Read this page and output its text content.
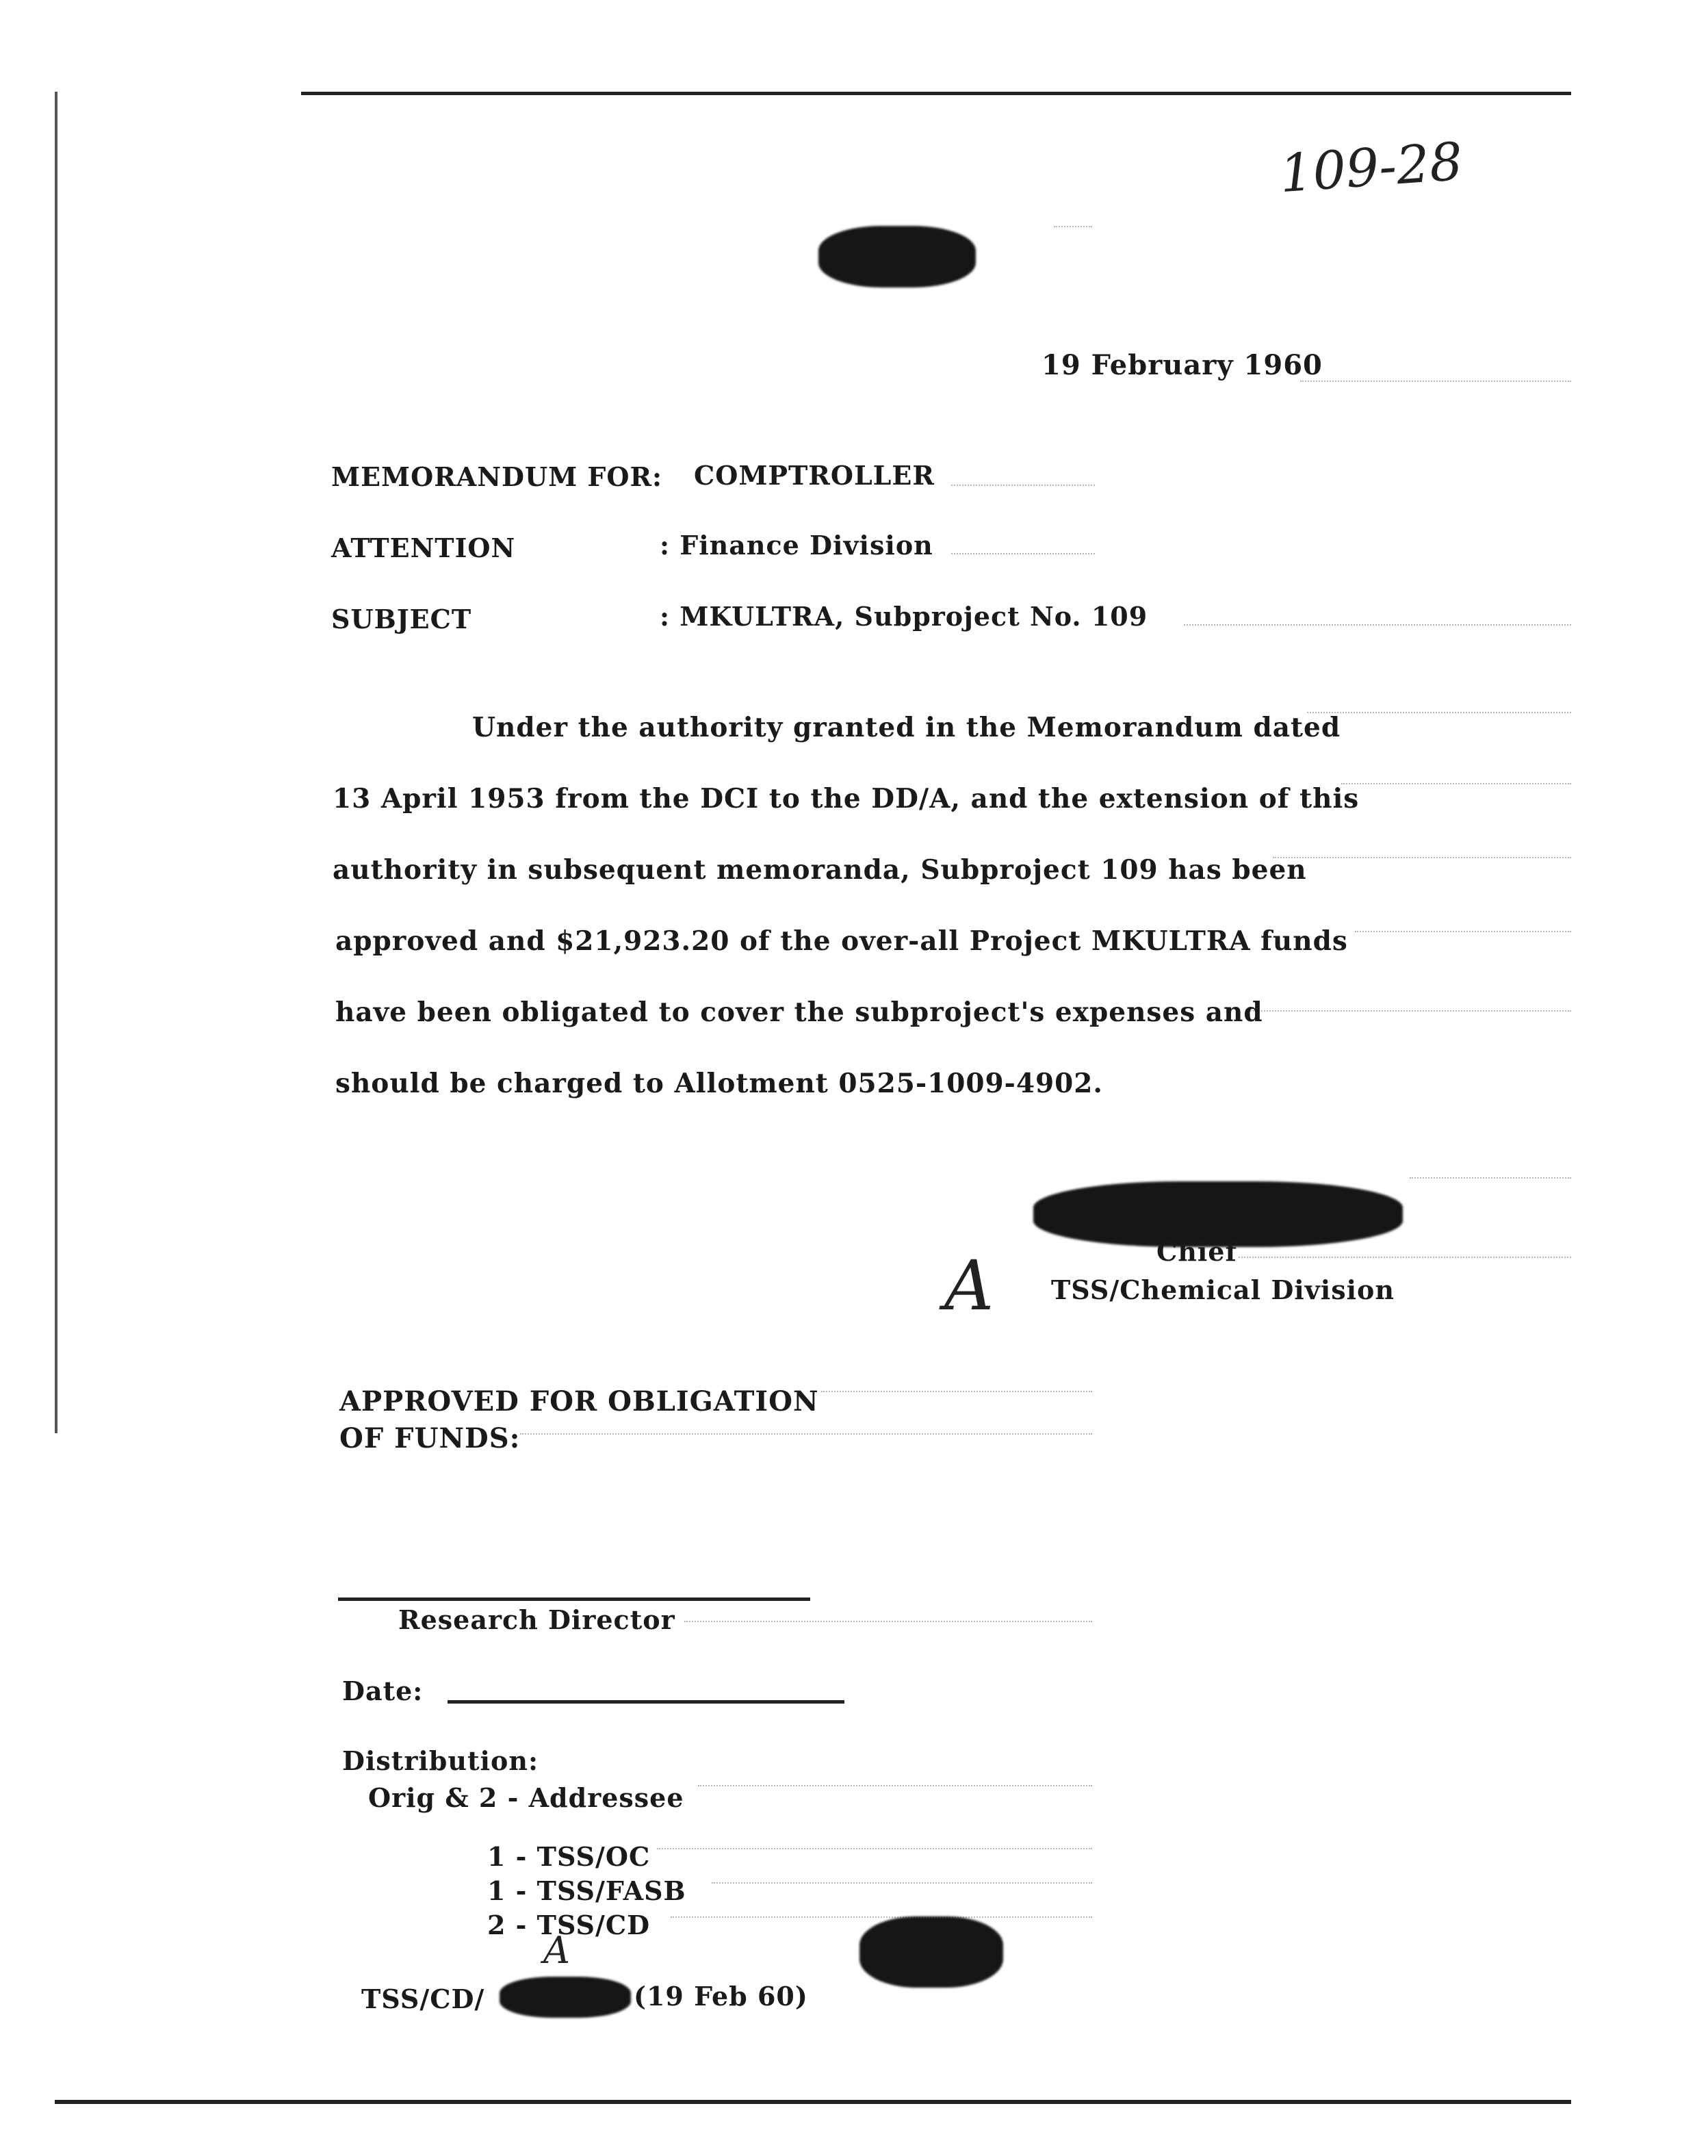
109-28
19 February 1960
MEMORANDUM FOR: COMPTROLLER
ATTENTION	: Finance Division
SUBJECT	: MKULTRA, Subproject No. 109
Under the authority granted in the Memorandum dated
13 April 1953 from the DCI to the DD/A, and the extension of this
authority in subsequent memoranda, Subproject 109 has been
approved and $21,923.20 of the over-all Project MKULTRA funds
have been obligated to cover the subproject's expenses and
should be charged to Allotment 0525-1009-4902.
Chief
TSS/Chemical Division
A
APPROVED FOR OBLIGATION
OF FUNDS:
Research Director
Date:
Distribution:
Orig & 2 - Addressee
1 - TSS/OC
1 - TSS/FASB
2 - TSS/CD
A
TSS/CD/	(19 Feb 60)
